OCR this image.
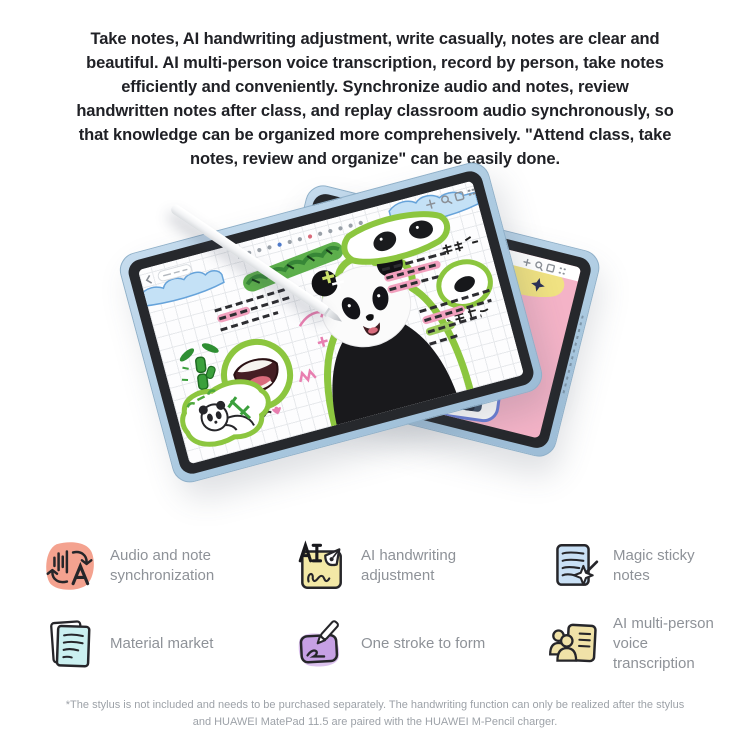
Take notes, AI handwriting adjustment, write casually, notes are clear and beautiful. AI multi-person voice transcription, record by person, take notes efficiently and conveniently. Synchronize audio and notes, review handwritten notes after class, and replay classroom audio synchronously, so that knowledge can be organized more comprehensively. "Attend class, take notes, review and organize" can be easily done.

Audio and note synchronization
AI handwriting adjustment
Magic sticky notes
Material market	One stroke to form
AI multi-person voice transcription

*The stylus is not included and needs to be purchased separately. The handwriting function can only be realized after the stylus and HUAWEI MatePad 11.5 are paired with the HUAWEI M-Pencil charger.
